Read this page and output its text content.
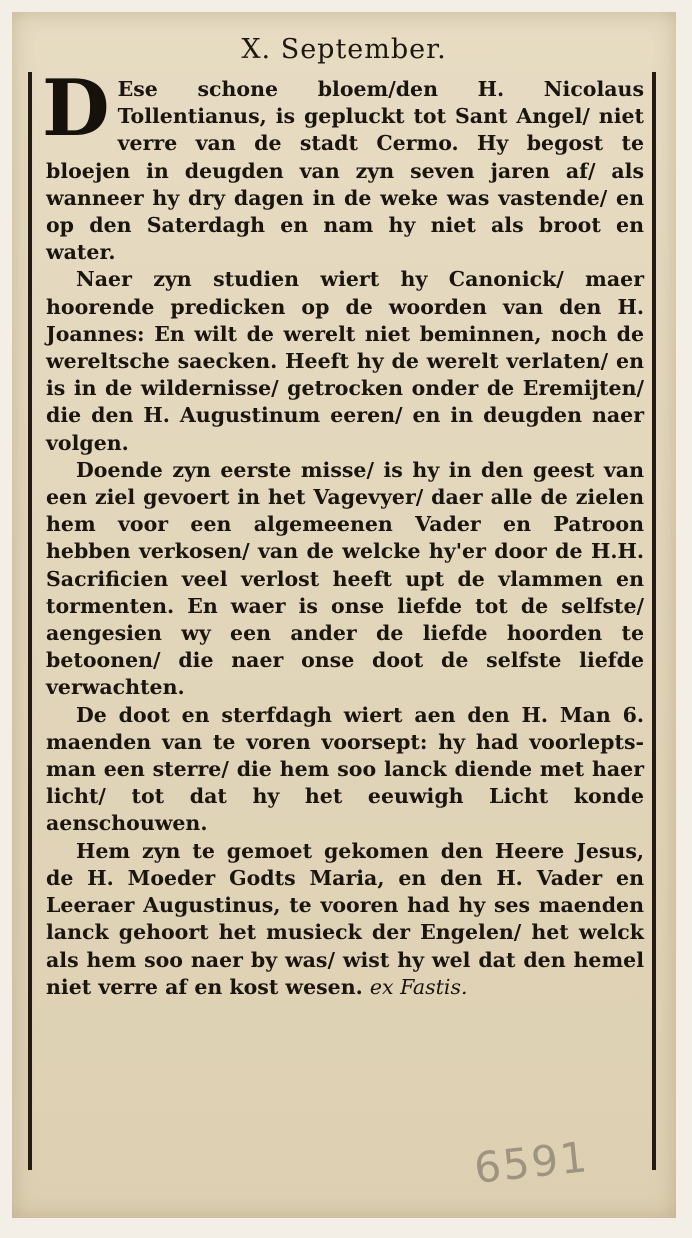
X. September.

D Ese schone bloem/den H. Nicolaus Tollentianus, is gepluckt tot Sant Angel/ niet verre van de stadt Cermo. Hy begost te bloejen in deugden van zyn seven jaren af/ als wanneer hy dry dagen in de weke was vastende/ en op den Saterdagh en nam hy niet als broot en water.

Naer zyn studien wiert hy Canonick/ maer hoorende predicken op de woorden van den H. Joannes: En wilt de werelt niet beminnen, noch de wereltsche saecken. Heeft hy de werelt verlaten/ en is in de wildernisse/ getrocken onder de Eremijten/ die den H. Augustinum eeren/ en in deugden naer volgen.

Doende zyn eerste misse/ is hy in den geest van een ziel gevoert in het Vagevyer/ daer alle de zielen hem voor een algemeenen Vader en Patroon hebben verkosen/ van de welcke hy'er door de H.H. Sacrificien veel verlost heeft upt de vlammen en tormenten. En waer is onse liefde tot de selfste/ aengesien wy een ander de liefde hoorden te betoonen/ die naer onse doot de selfste liefde verwachten.

De doot en sterfdagh wiert aen den H. Man 6. maenden van te voren voorsept: hy had voorlepts-man een sterre/ die hem soo lanck diende met haer licht/ tot dat hy het eeuwigh Licht konde aenschouwen.

Hem zyn te gemoet gekomen den Heere Jesus, de H. Moeder Godts Maria, en den H. Vader en Leeraer Augustinus, te vooren had hy ses maenden lanck gehoort het musieck der Engelen/ het welck als hem soo naer by was/ wist hy wel dat den hemel niet verre af en kost wesen. ex Fastis.

6591
